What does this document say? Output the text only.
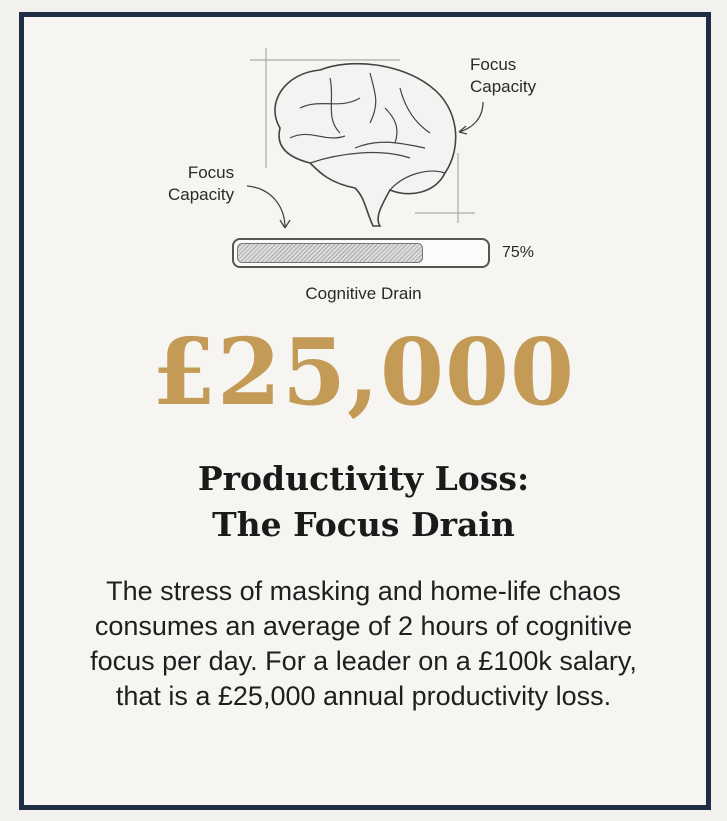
Focus
Capacity
Focus
Capacity
75%
Cognitive Drain
£25,000
Productivity Loss:
The Focus Drain
The stress of masking and home-life chaos consumes an average of 2 hours of cognitive focus per day. For a leader on a £100k salary, that is a £25,000 annual productivity loss.
